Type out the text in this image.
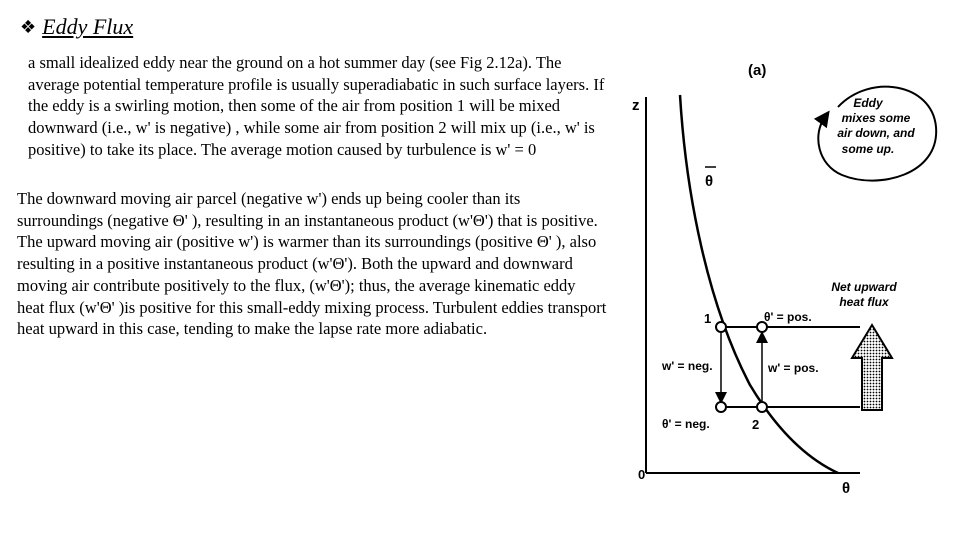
❖ Eddy Flux

a small idealized eddy near the ground on a hot summer day (see Fig 2.12a). The average potential temperature profile is usually superadiabatic in such surface layers. If the eddy is a swirling motion, then some of the air from position 1 will be mixed downward (i.e., w' is negative) , while some air from position 2 will mix up (i.e., w' is positive) to take its place. The average motion caused by turbulence is w' = 0

The downward moving air parcel (negative w') ends up being cooler than its surroundings (negative Θ' ), resulting in an instantaneous product (w'Θ') that is positive. The upward moving air (positive w') is warmer than its surroundings (positive Θ' ), also resulting in a positive instantaneous product (w'Θ'). Both the upward and downward moving air contribute positively to the flux, (w'Θ'); thus, the average kinematic eddy heat flux (w'Θ' )is positive for this small-eddy mixing process. Turbulent eddies transport heat upward in this case, tending to make the lapse rate more adiabatic.

(a)
z
θ
0
θ
1
2
θ' = pos.
w' = neg.	w' = pos.
θ' = neg.
Eddy
mixes some
air down, and
some up.
Net upward
heat flux
